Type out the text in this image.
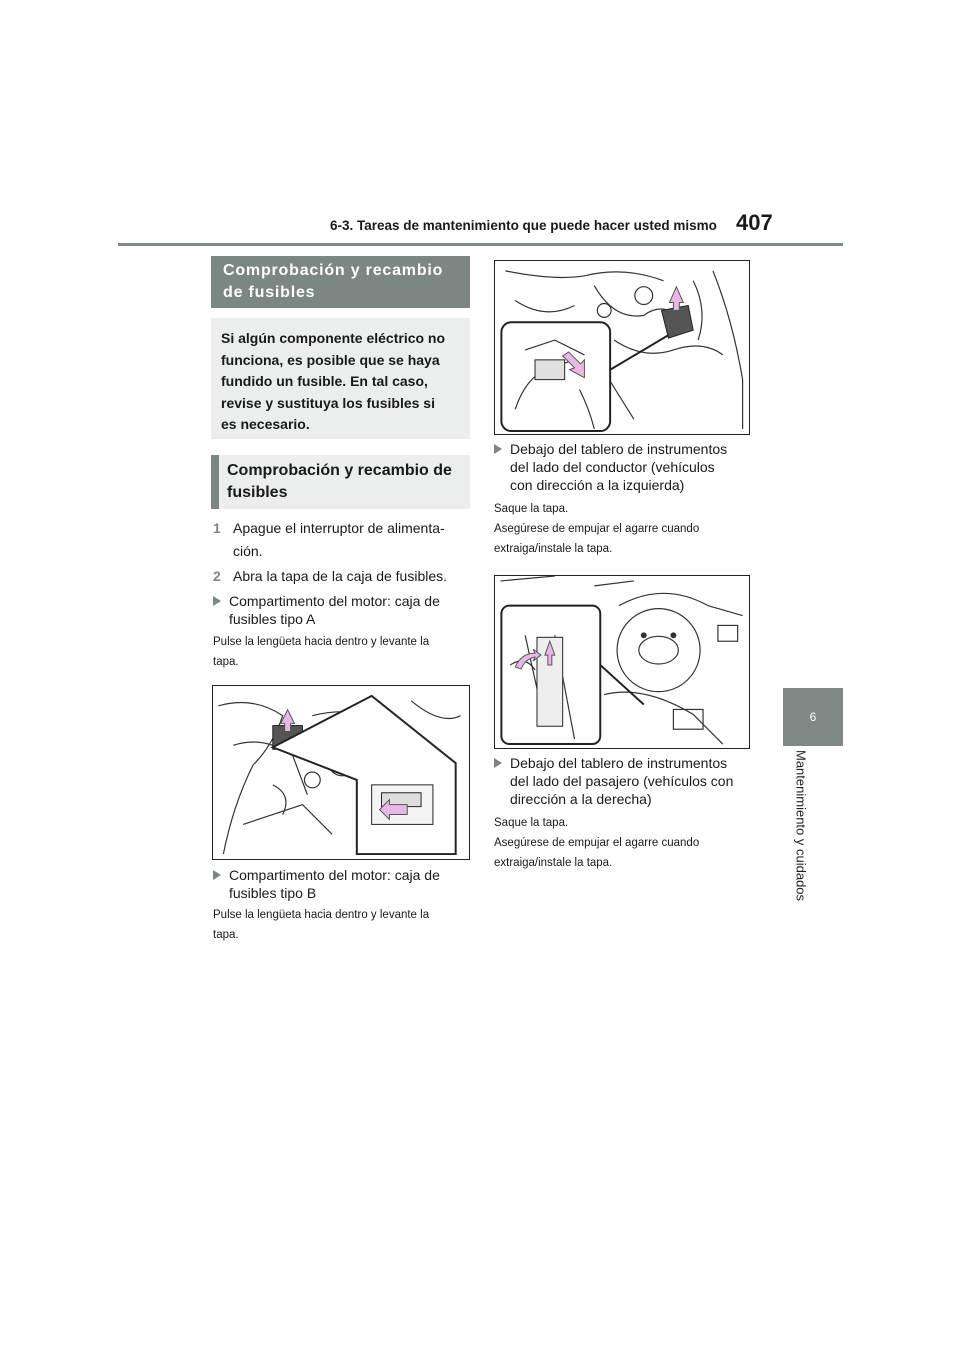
6-3. Tareas de mantenimiento que puede hacer usted mismo 407
6
Mantenimiento y cuidados
Comprobación y recambio de fusibles
Si algún componente eléctrico no
funciona, es posible que se haya
fundido un fusible. En tal caso,
revise y sustituya los fusibles si
es necesario.
Comprobación y recambio de fusibles
1 Apague el interruptor de alimenta-
ción.
2 Abra la tapa de la caja de fusibles.
Compartimento del motor: caja de
fusibles tipo A
Pulse la lengüeta hacia dentro y levante la
tapa.
Compartimento del motor: caja de
fusibles tipo B
Pulse la lengüeta hacia dentro y levante la
tapa.
Debajo del tablero de instrumentos
del lado del conductor (vehículos
con dirección a la izquierda)
Saque la tapa.
Asegúrese de empujar el agarre cuando
extraiga/instale la tapa.
Debajo del tablero de instrumentos
del lado del pasajero (vehículos con
dirección a la derecha)
Saque la tapa.
Asegúrese de empujar el agarre cuando
extraiga/instale la tapa.
